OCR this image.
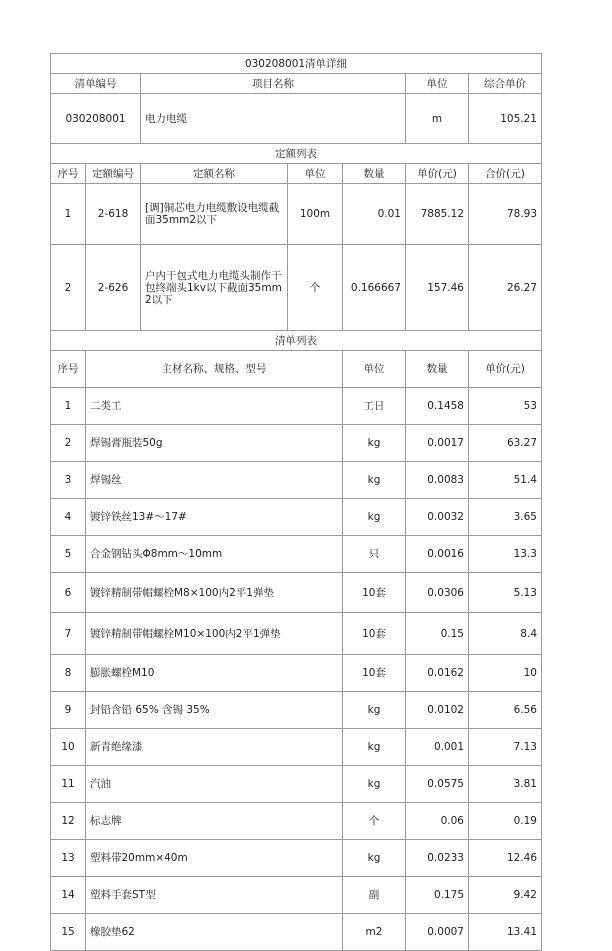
030208001清单详细							
清单编号		项目名称			单位	综合单价	
030208001		电力电缆			m	105.21	
定额列表							
序号	定额编号	定额名称	单位	数量	单价(元)	合价(元)	
1	2-618	[调]铜芯电力电缆敷设电缆截面35mm2以下	100m	0.01	7885.12	78.93	
2	2-626	户内干包式电力电缆头制作干包终端头1kv以下截面35mm2以下	个	0.166667	157.46	26.27	
清单列表							
序号	主材名称、规格、型号			单位	数量	单价(元)	
1	二类工			工日	0.1458	53	
2	焊锡膏瓶装50g			kg	0.0017	63.27	
3	焊锡丝			kg	0.0083	51.4	
4	镀锌铁丝13#～17#			kg	0.0032	3.65	
5	合金钢钻头Φ8mm～10mm			只	0.0016	13.3	
6	镀锌精制带帽螺栓M8×100内2平1弹垫			10套	0.0306	5.13	
7	镀锌精制带帽螺栓M10×100内2平1弹垫			10套	0.15	8.4	
8	膨胀螺栓M10			10套	0.0162	10	
9	封铅含铅 65% 含锡 35%			kg	0.0102	6.56	
10	新青绝缘漆			kg	0.001	7.13	
11	汽油			kg	0.0575	3.81	
12	标志牌			个	0.06	0.19	
13	塑料带20mm×40m			kg	0.0233	12.46	
14	塑料手套ST型			副	0.175	9.42	
15	橡胶垫62			m2	0.0007	13.41	
